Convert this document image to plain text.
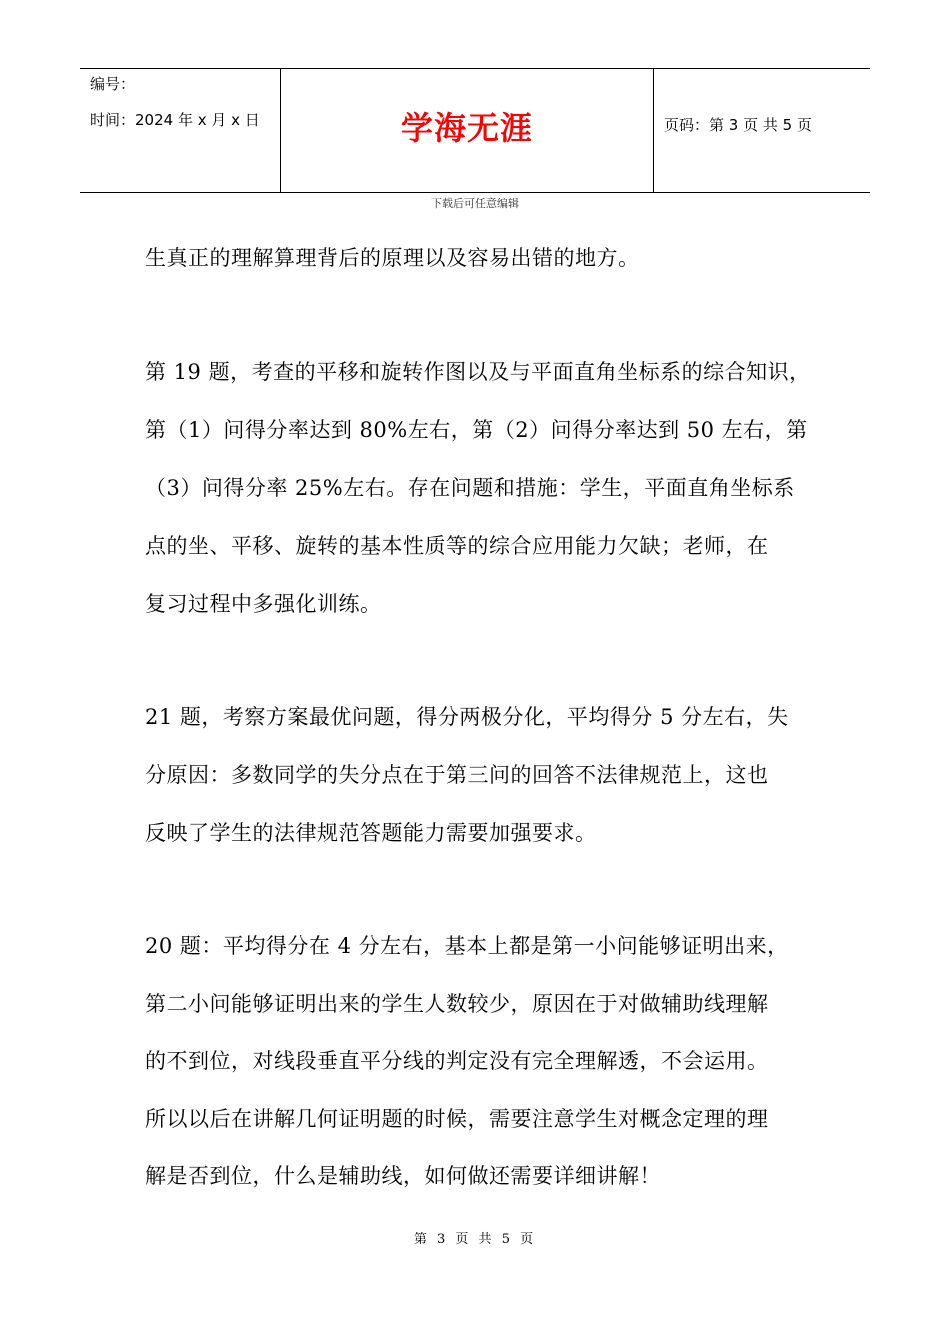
编号：
时间：2024 年 x 月 x 日	学海无涯	页码：第 3 页 共 5 页
下载后可任意编辑
生真正的理解算理背后的原理以及容易出错的地方。
第 19 题，考查的平移和旋转作图以及与平面直角坐标系的综合知识，
第（1）问得分率达到 80%左右，第（2）问得分率达到 50 左右，第
（3）问得分率 25%左右。存在问题和措施：学生，平面直角坐标系
点的坐、平移、旋转的基本性质等的综合应用能力欠缺；老师，在
复习过程中多强化训练。
21 题，考察方案最优问题，得分两极分化，平均得分 5 分左右，失
分原因：多数同学的失分点在于第三问的回答不法律规范上，这也
反映了学生的法律规范答题能力需要加强要求。
20 题：平均得分在 4 分左右，基本上都是第一小问能够证明出来，
第二小问能够证明出来的学生人数较少，原因在于对做辅助线理解
的不到位，对线段垂直平分线的判定没有完全理解透，不会运用。
所以以后在讲解几何证明题的时候，需要注意学生对概念定理的理
解是否到位，什么是辅助线，如何做还需要详细讲解！
第 3 页 共 5 页
